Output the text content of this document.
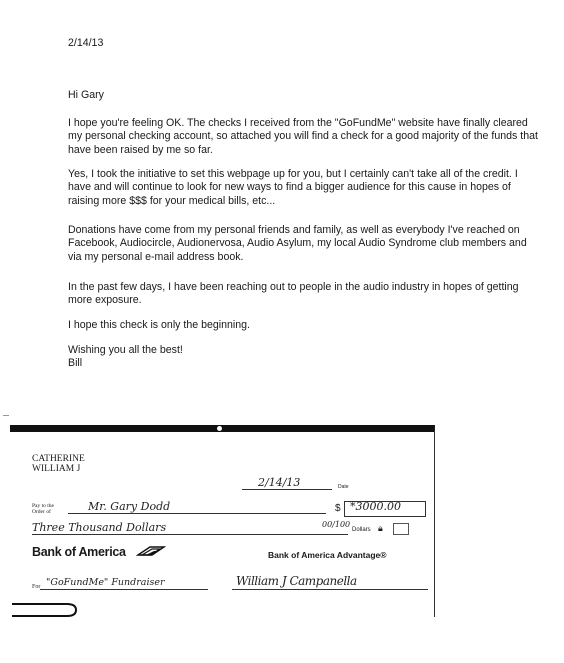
2/14/13
Hi Gary

I hope you're feeling OK. The checks I received from the "GoFundMe" website have finally cleared my personal checking account, so attached you will find a check for a good majority of the funds that have been raised by me so far.

Yes, I took the initiative to set this webpage up for you, but I certainly can't take all of the credit. I have and will continue to look for new ways to find a bigger audience for this cause in hopes of raising more $$$ for your medical bills, etc...

Donations have come from my personal friends and family, as well as everybody I've reached on Facebook, Audiocircle, Audionervosa, Audio Asylum, my local Audio Syndrome club members and via my personal e-mail address book.

In the past few days, I have been reaching out to people in the audio industry in hopes of getting more exposure.

I hope this check is only the beginning.

Wishing you all the best!
Bill
CATHERINE
WILLIAM J
2/14/13	Date
Pay to the
Order of	Mr. Gary Dodd	$ *3000.00
Three Thousand Dollars	00/100
Dollars 🔒︎
Bank of America	Bank of America Advantage®
For "GoFundMe" Fundraiser	William J Campanella
